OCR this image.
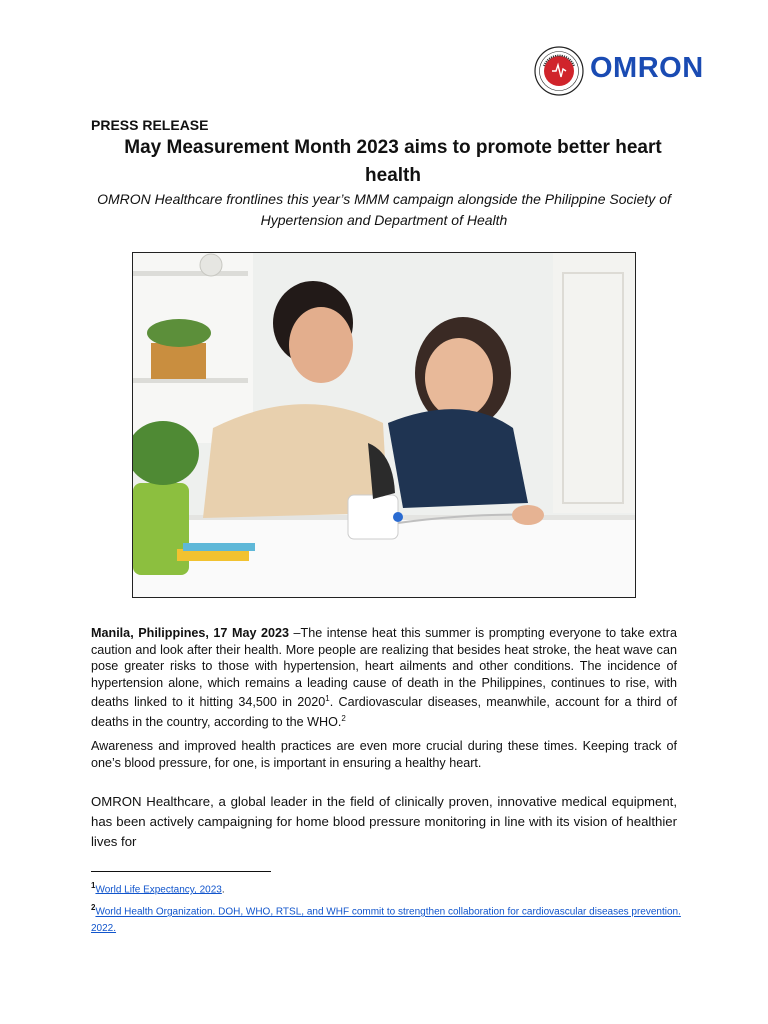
OMRON
PRESS RELEASE
May Measurement Month 2023 aims to promote better heart health
OMRON Healthcare frontlines this year’s MMM campaign alongside the Philippine Society of Hypertension and Department of Health
Manila, Philippines, 17 May 2023 –The intense heat this summer is prompting everyone to take extra caution and look after their health. More people are realizing that besides heat stroke, the heat wave can pose greater risks to those with hypertension, heart ailments and other conditions. The incidence of hypertension alone, which remains a leading cause of death in the Philippines, continues to rise, with deaths linked to it hitting 34,500 in 2020$^1$. Cardiovascular diseases, meanwhile, account for a third of deaths in the country, according to the WHO.$^2$
Awareness and improved health practices are even more crucial during these times. Keeping track of one’s blood pressure, for one, is important in ensuring a healthy heart.
OMRON Healthcare, a global leader in the field of clinically proven, innovative medical equipment, has been actively campaigning for home blood pressure monitoring in line with its vision of healthier lives for
$^1$World Life Expectancy, 2023.
$^2$World Health Organization. DOH, WHO, RTSL, and WHF commit to strengthen collaboration for cardiovascular diseases prevention. 2022.
